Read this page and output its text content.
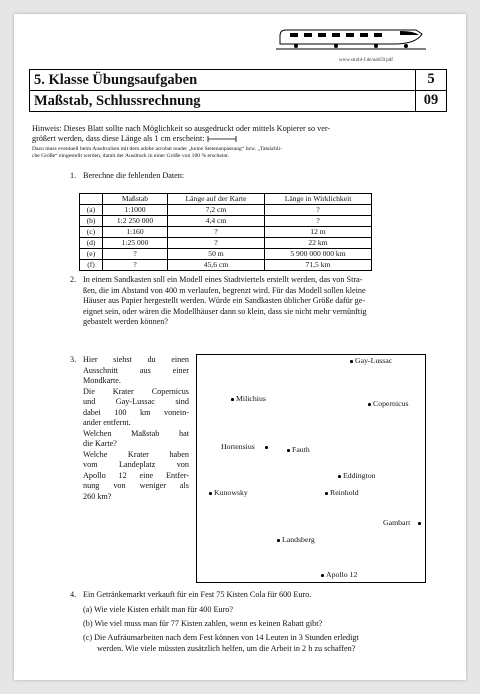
www.strobl-f.de/ueb59.pdf
5. Klasse Übungsaufgaben	5
Maßstab, Schlussrechnung	09
Hinweis: Dieses Blatt sollte nach Möglichkeit so ausgedruckt oder mittels Kopierer so ver-
größert werden, dass diese Länge als 1 cm erscheint:
Dazu muss eventuell beim Ausdrucken mit dem adobe acrobat reader „keine Seitenanpassung“ bzw. „Tatsächli-
che Größe“ eingestellt werden, damit der Ausdruck in einer Größe von 100 % erscheint.
1. Berechne die fehlenden Daten:
	Maßstab	Länge auf der Karte	Länge in Wirklichkeit
(a)	1:1000	7,2 cm	?
(b)	1:2 250 000	4,4 cm	?
(c)	1:160	?	12 m
(d)	1:25 000	?	22 km
(e)	?	50 m	5 900 000 000 km
(f)	?	45,6 cm	71,5 km
2. In einem Sandkasten soll ein Modell eines Stadtviertels erstellt werden, das von Stra-
ßen, die im Abstand von 400 m verlaufen, begrenzt wird. Für das Modell sollen kleine
Häuser aus Papier hergestellt werden. Würde ein Sandkasten üblicher Größe dafür ge-
eignet sein, oder wären die Modellhäuser dann so klein, dass sie nicht mehr vernünftig
gebastelt werden können?
3. Hier siehst du einen
Ausschnitt aus einer
Mondkarte.
Die Krater Copernicus
und Gay-Lussac sind
dabei 100 km vonein-
ander entfernt.
Welchen Maßstab hat
die Karte?
Welche Krater haben
vom Landeplatz von
Apollo 12 eine Entfer-
nung von weniger als
260 km?
Gay-Lussac
Milichius
Copernicus
Hortensius	Fauth
Eddington
Kunowsky	Reinhold
Gambart
Landsberg
Apollo 12
4. Ein Getränkemarkt verkauft für ein Fest 75 Kisten Cola für 600 Euro.
(a) Wie viele Kisten erhält man für 400 Euro?
(b) Wie viel muss man für 77 Kisten zahlen, wenn es keinen Rabatt gibt?
(c) Die Aufräumarbeiten nach dem Fest können von 14 Leuten in 3 Stunden erledigt
werden. Wie viele müssten zusätzlich helfen, um die Arbeit in 2 h zu schaffen?
